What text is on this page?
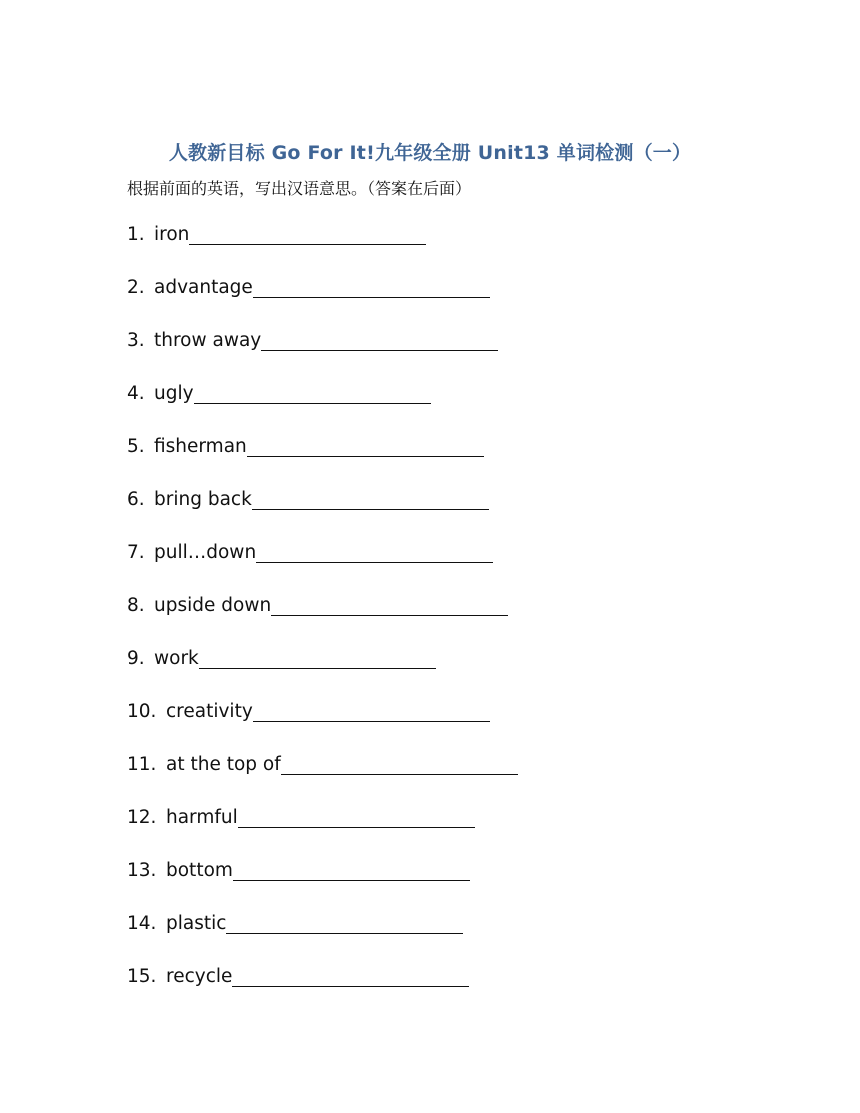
人教新目标 Go For It!九年级全册 Unit13 单词检测（一）
根据前面的英语，写出汉语意思。（答案在后面）
1. iron
2. advantage
3. throw away
4. ugly
5. fisherman
6. bring back
7. pull…down
8. upside down
9. work
10. creativity
11. at the top of
12. harmful
13. bottom
14. plastic
15. recycle
